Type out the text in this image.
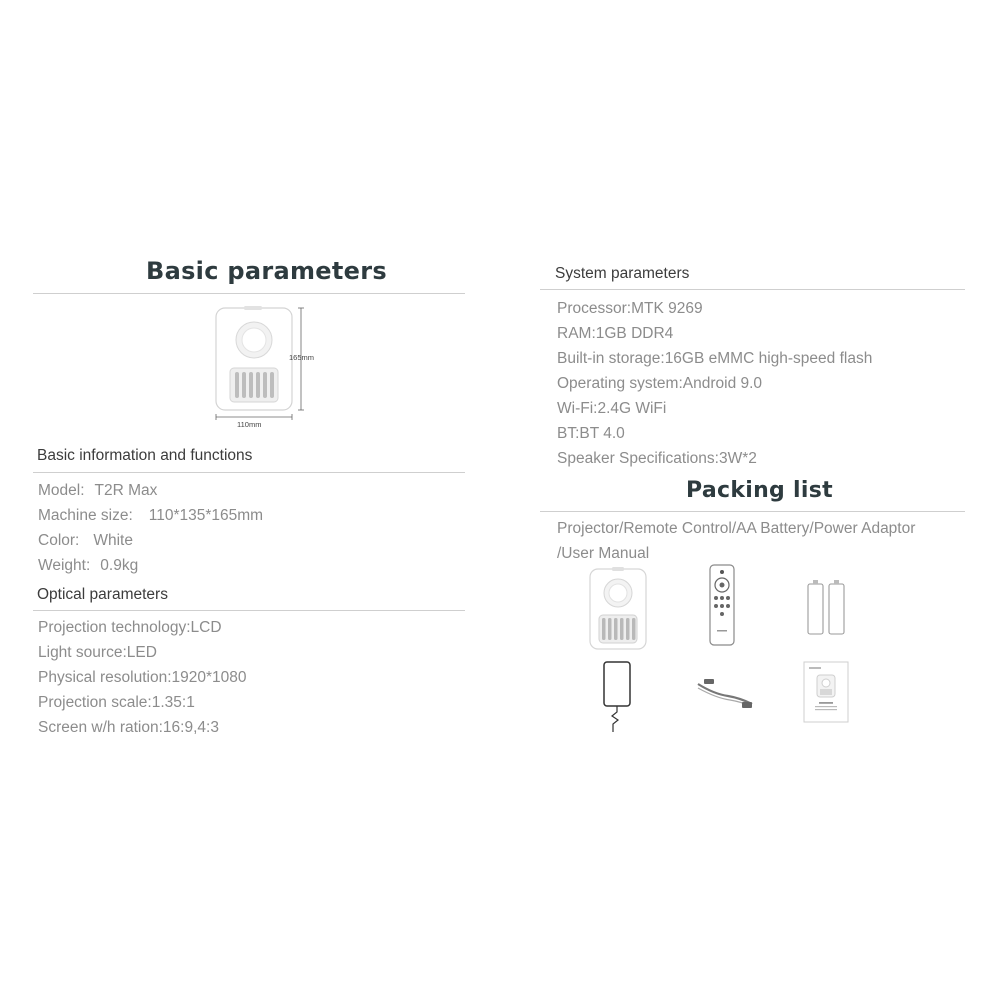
Basic parameters
165mm
110mm
Basic information and functions
Model: T2R Max
Machine size: 110*135*165mm
Color: White
Weight: 0.9kg
Optical parameters
Projection technology:LCD
Light source:LED
Physical resolution:1920*1080
Projection scale:1.35:1
Screen w/h ration:16:9,4:3
System parameters
Processor:MTK 9269
RAM:1GB DDR4
Built-in storage:16GB eMMC high-speed flash
Operating system:Android 9.0
Wi-Fi:2.4G WiFi
BT:BT 4.0
Speaker Specifications:3W*2
Packing list
Projector/Remote Control/AA Battery/Power Adaptor
/User Manual
